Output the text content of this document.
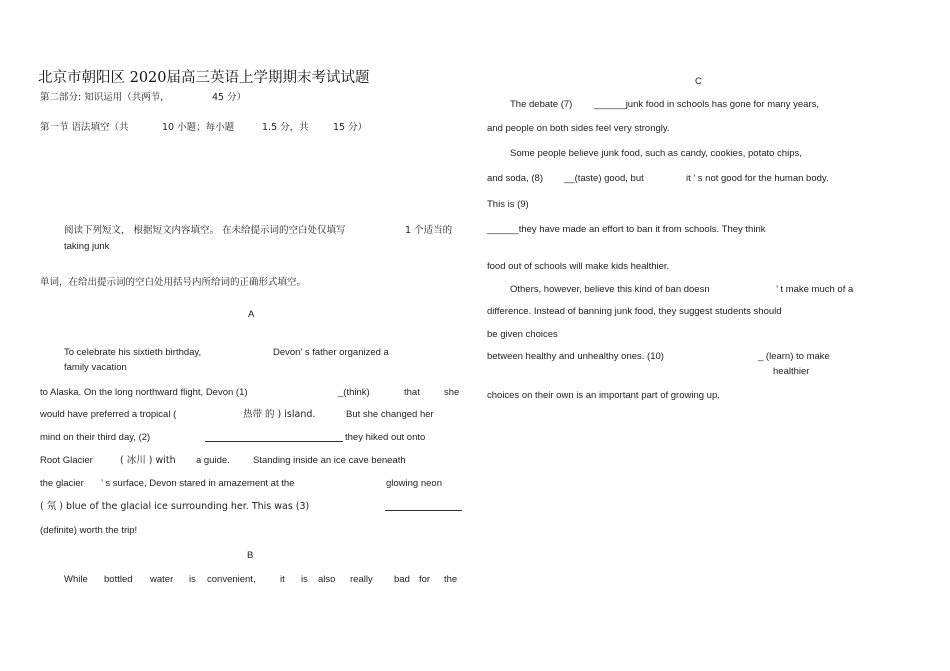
北京市朝阳区 2020届高三英语上学期期末考试试题
第二部分: 知识运用（共两节,	45 分）
第一节 语法填空（共	10 小题；每小题	1.5 分，共	15 分）
阅读下列短文， 根据短文内容填空。 在未给提示词的空白处仅填写	1 个适当的
taking junk
单词，在给出提示词的空白处用括号内所给词的正确形式填空。
A
To celebrate his sixtieth birthday,	Devon’ s father organized a
family vacation
to Alaska. On the long northward flight, Devon (1)	_(think)	that	she
would have preferred a tropical (	热带 的 ) island.	But she changed her
mind on their third day, (2)	they hiked out onto
Root Glacier	( 冰川 ) with a guide. Standing inside an ice cave beneath
the glacier ’ s surface, Devon stared in amazement at the	glowing neon
( 氖 ) blue of the glacial ice surrounding her. This was (3)
(definite) worth the trip!
B
While bottled water is convenient,	it is also really bad for the
C
The debate (7) ______junk food in schools has gone for many years,
and people on both sides feel very strongly.
Some people believe junk food, such as candy, cookies, potato chips,
and soda, (8) __(taste) good, but	it ’ s not good for the human body.
This is (9)
______they have made an effort to ban it from schools. They think
food out of schools will make kids healthier.
Others, however, believe this kind of ban doesn	’ t make much of a
difference. Instead of banning junk food, they suggest students should
be given choices
between healthy and unhealthy ones. (10)	_ (learn) to make
healthier
choices on their own is an important part of growing up.
